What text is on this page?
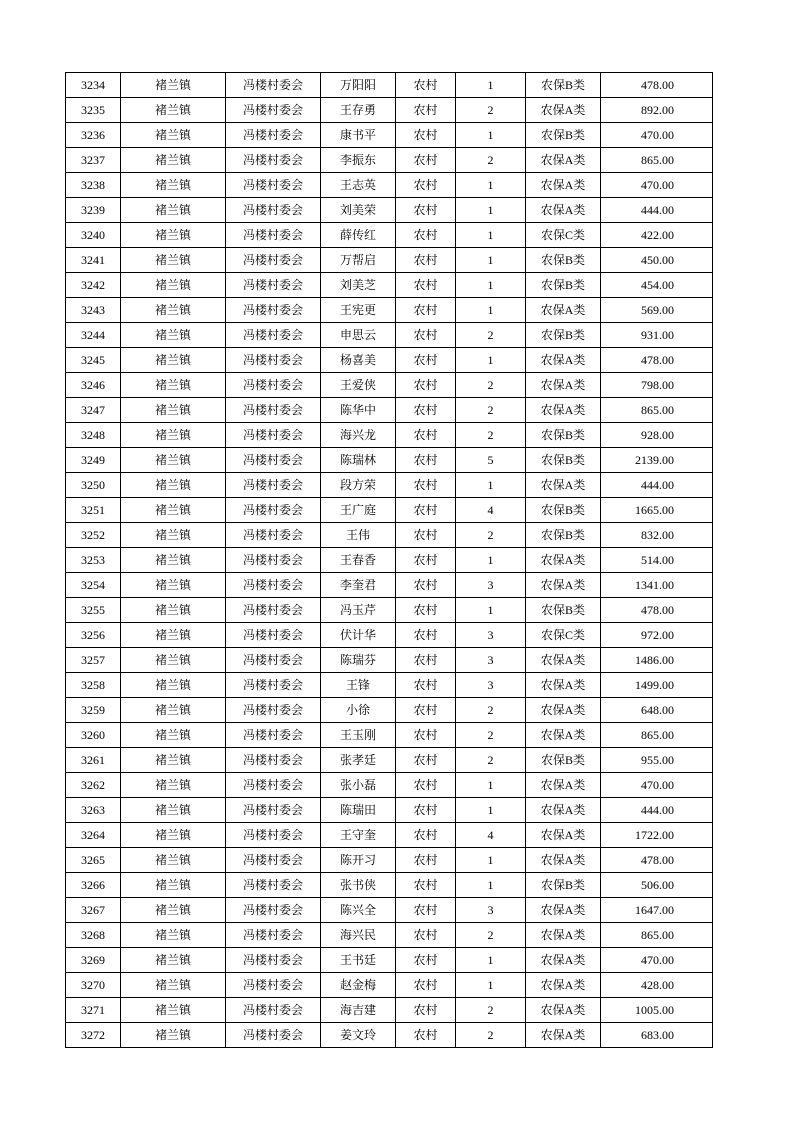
3234	褚兰镇	冯楼村委会	万阳阳	农村	1	农保B类	478.00
3235	褚兰镇	冯楼村委会	王存勇	农村	2	农保A类	892.00
3236	褚兰镇	冯楼村委会	康书平	农村	1	农保B类	470.00
3237	褚兰镇	冯楼村委会	李振东	农村	2	农保A类	865.00
3238	褚兰镇	冯楼村委会	王志英	农村	1	农保A类	470.00
3239	褚兰镇	冯楼村委会	刘美荣	农村	1	农保A类	444.00
3240	褚兰镇	冯楼村委会	薛传红	农村	1	农保C类	422.00
3241	褚兰镇	冯楼村委会	万帮启	农村	1	农保B类	450.00
3242	褚兰镇	冯楼村委会	刘美芝	农村	1	农保B类	454.00
3243	褚兰镇	冯楼村委会	王宪更	农村	1	农保A类	569.00
3244	褚兰镇	冯楼村委会	申思云	农村	2	农保B类	931.00
3245	褚兰镇	冯楼村委会	杨喜美	农村	1	农保A类	478.00
3246	褚兰镇	冯楼村委会	王爱侠	农村	2	农保A类	798.00
3247	褚兰镇	冯楼村委会	陈华中	农村	2	农保A类	865.00
3248	褚兰镇	冯楼村委会	海兴龙	农村	2	农保B类	928.00
3249	褚兰镇	冯楼村委会	陈瑞林	农村	5	农保B类	2139.00
3250	褚兰镇	冯楼村委会	段方荣	农村	1	农保A类	444.00
3251	褚兰镇	冯楼村委会	王广庭	农村	4	农保B类	1665.00
3252	褚兰镇	冯楼村委会	王伟	农村	2	农保B类	832.00
3253	褚兰镇	冯楼村委会	王春香	农村	1	农保A类	514.00
3254	褚兰镇	冯楼村委会	李奎君	农村	3	农保A类	1341.00
3255	褚兰镇	冯楼村委会	冯玉芹	农村	1	农保B类	478.00
3256	褚兰镇	冯楼村委会	伏计华	农村	3	农保C类	972.00
3257	褚兰镇	冯楼村委会	陈瑞芬	农村	3	农保A类	1486.00
3258	褚兰镇	冯楼村委会	王锋	农村	3	农保A类	1499.00
3259	褚兰镇	冯楼村委会	小徐	农村	2	农保A类	648.00
3260	褚兰镇	冯楼村委会	王玉刚	农村	2	农保A类	865.00
3261	褚兰镇	冯楼村委会	张孝廷	农村	2	农保B类	955.00
3262	褚兰镇	冯楼村委会	张小磊	农村	1	农保A类	470.00
3263	褚兰镇	冯楼村委会	陈瑞田	农村	1	农保A类	444.00
3264	褚兰镇	冯楼村委会	王守奎	农村	4	农保A类	1722.00
3265	褚兰镇	冯楼村委会	陈开习	农村	1	农保A类	478.00
3266	褚兰镇	冯楼村委会	张书侠	农村	1	农保B类	506.00
3267	褚兰镇	冯楼村委会	陈兴全	农村	3	农保A类	1647.00
3268	褚兰镇	冯楼村委会	海兴民	农村	2	农保A类	865.00
3269	褚兰镇	冯楼村委会	王书廷	农村	1	农保A类	470.00
3270	褚兰镇	冯楼村委会	赵金梅	农村	1	农保A类	428.00
3271	褚兰镇	冯楼村委会	海吉建	农村	2	农保A类	1005.00
3272	褚兰镇	冯楼村委会	姜文玲	农村	2	农保A类	683.00
